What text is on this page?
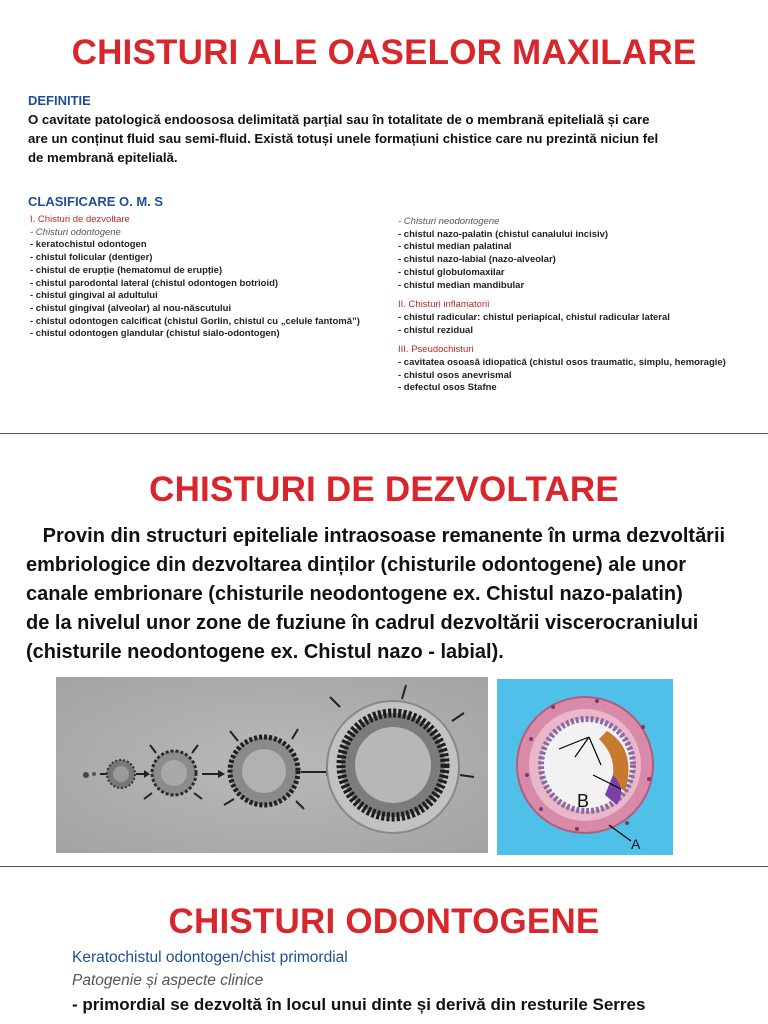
CHISTURI ALE OASELOR MAXILARE
DEFINITIE
O cavitate patologică endoososa delimitată parțial sau în totalitate de o membrană epitelială și care
are un conținut fluid sau semi-fluid. Există totuși unele formațiuni chistice care nu prezintă niciun fel
de membrană epitelială.
CLASIFICARE O. M. S
I. Chisturi de dezvoltare
- Chisturi odontogene
- keratochistul odontogen
- chistul folicular (dentiger)
- chistul de erupție (hematomul de erupție)
- chistul parodontal lateral (chistul odontogen botrioid)
- chistul gingival al adultului
- chistul gingival (alveolar) al nou-născutului
- chistul odontogen calcificat (chistul Gorlin, chistul cu „celule fantomă”)
- chistul odontogen glandular (chistul sialo-odontogen)
- Chisturi neodontogene
- chistul nazo-palatin (chistul canalului incisiv)
- chistul median palatinal
- chistul nazo-labial (nazo-alveolar)
- chistul globulomaxilar
- chistul median mandibular
II. Chisturi inflamatorii
- chistul radicular: chistul periapical, chistul radicular lateral
- chistul rezidual
III. Pseudochisturi
- cavitatea osoasă idiopatică (chistul osos traumatic, simplu, hemoragie)
- chistul osos anevrismal
- defectul osos Stafne
CHISTURI DE DEZVOLTARE
Provin din structuri epiteliale intraosoase remanente în urma dezvoltării
embriologice din dezvoltarea dinților (chisturile odontogene) ale unor
canale embrionare (chisturile neodontogene ex. Chistul nazo-palatin)
de la nivelul unor zone de fuziune în cadrul dezvoltării viscerocraniului
(chisturile neodontogene ex. Chistul nazo - labial).
B
A
CHISTURI ODONTOGENE
Keratochistul odontogen/chist primordial
Patogenie și aspecte clinice
- primordial se dezvoltă în locul unui dinte și derivă din resturile Serres
